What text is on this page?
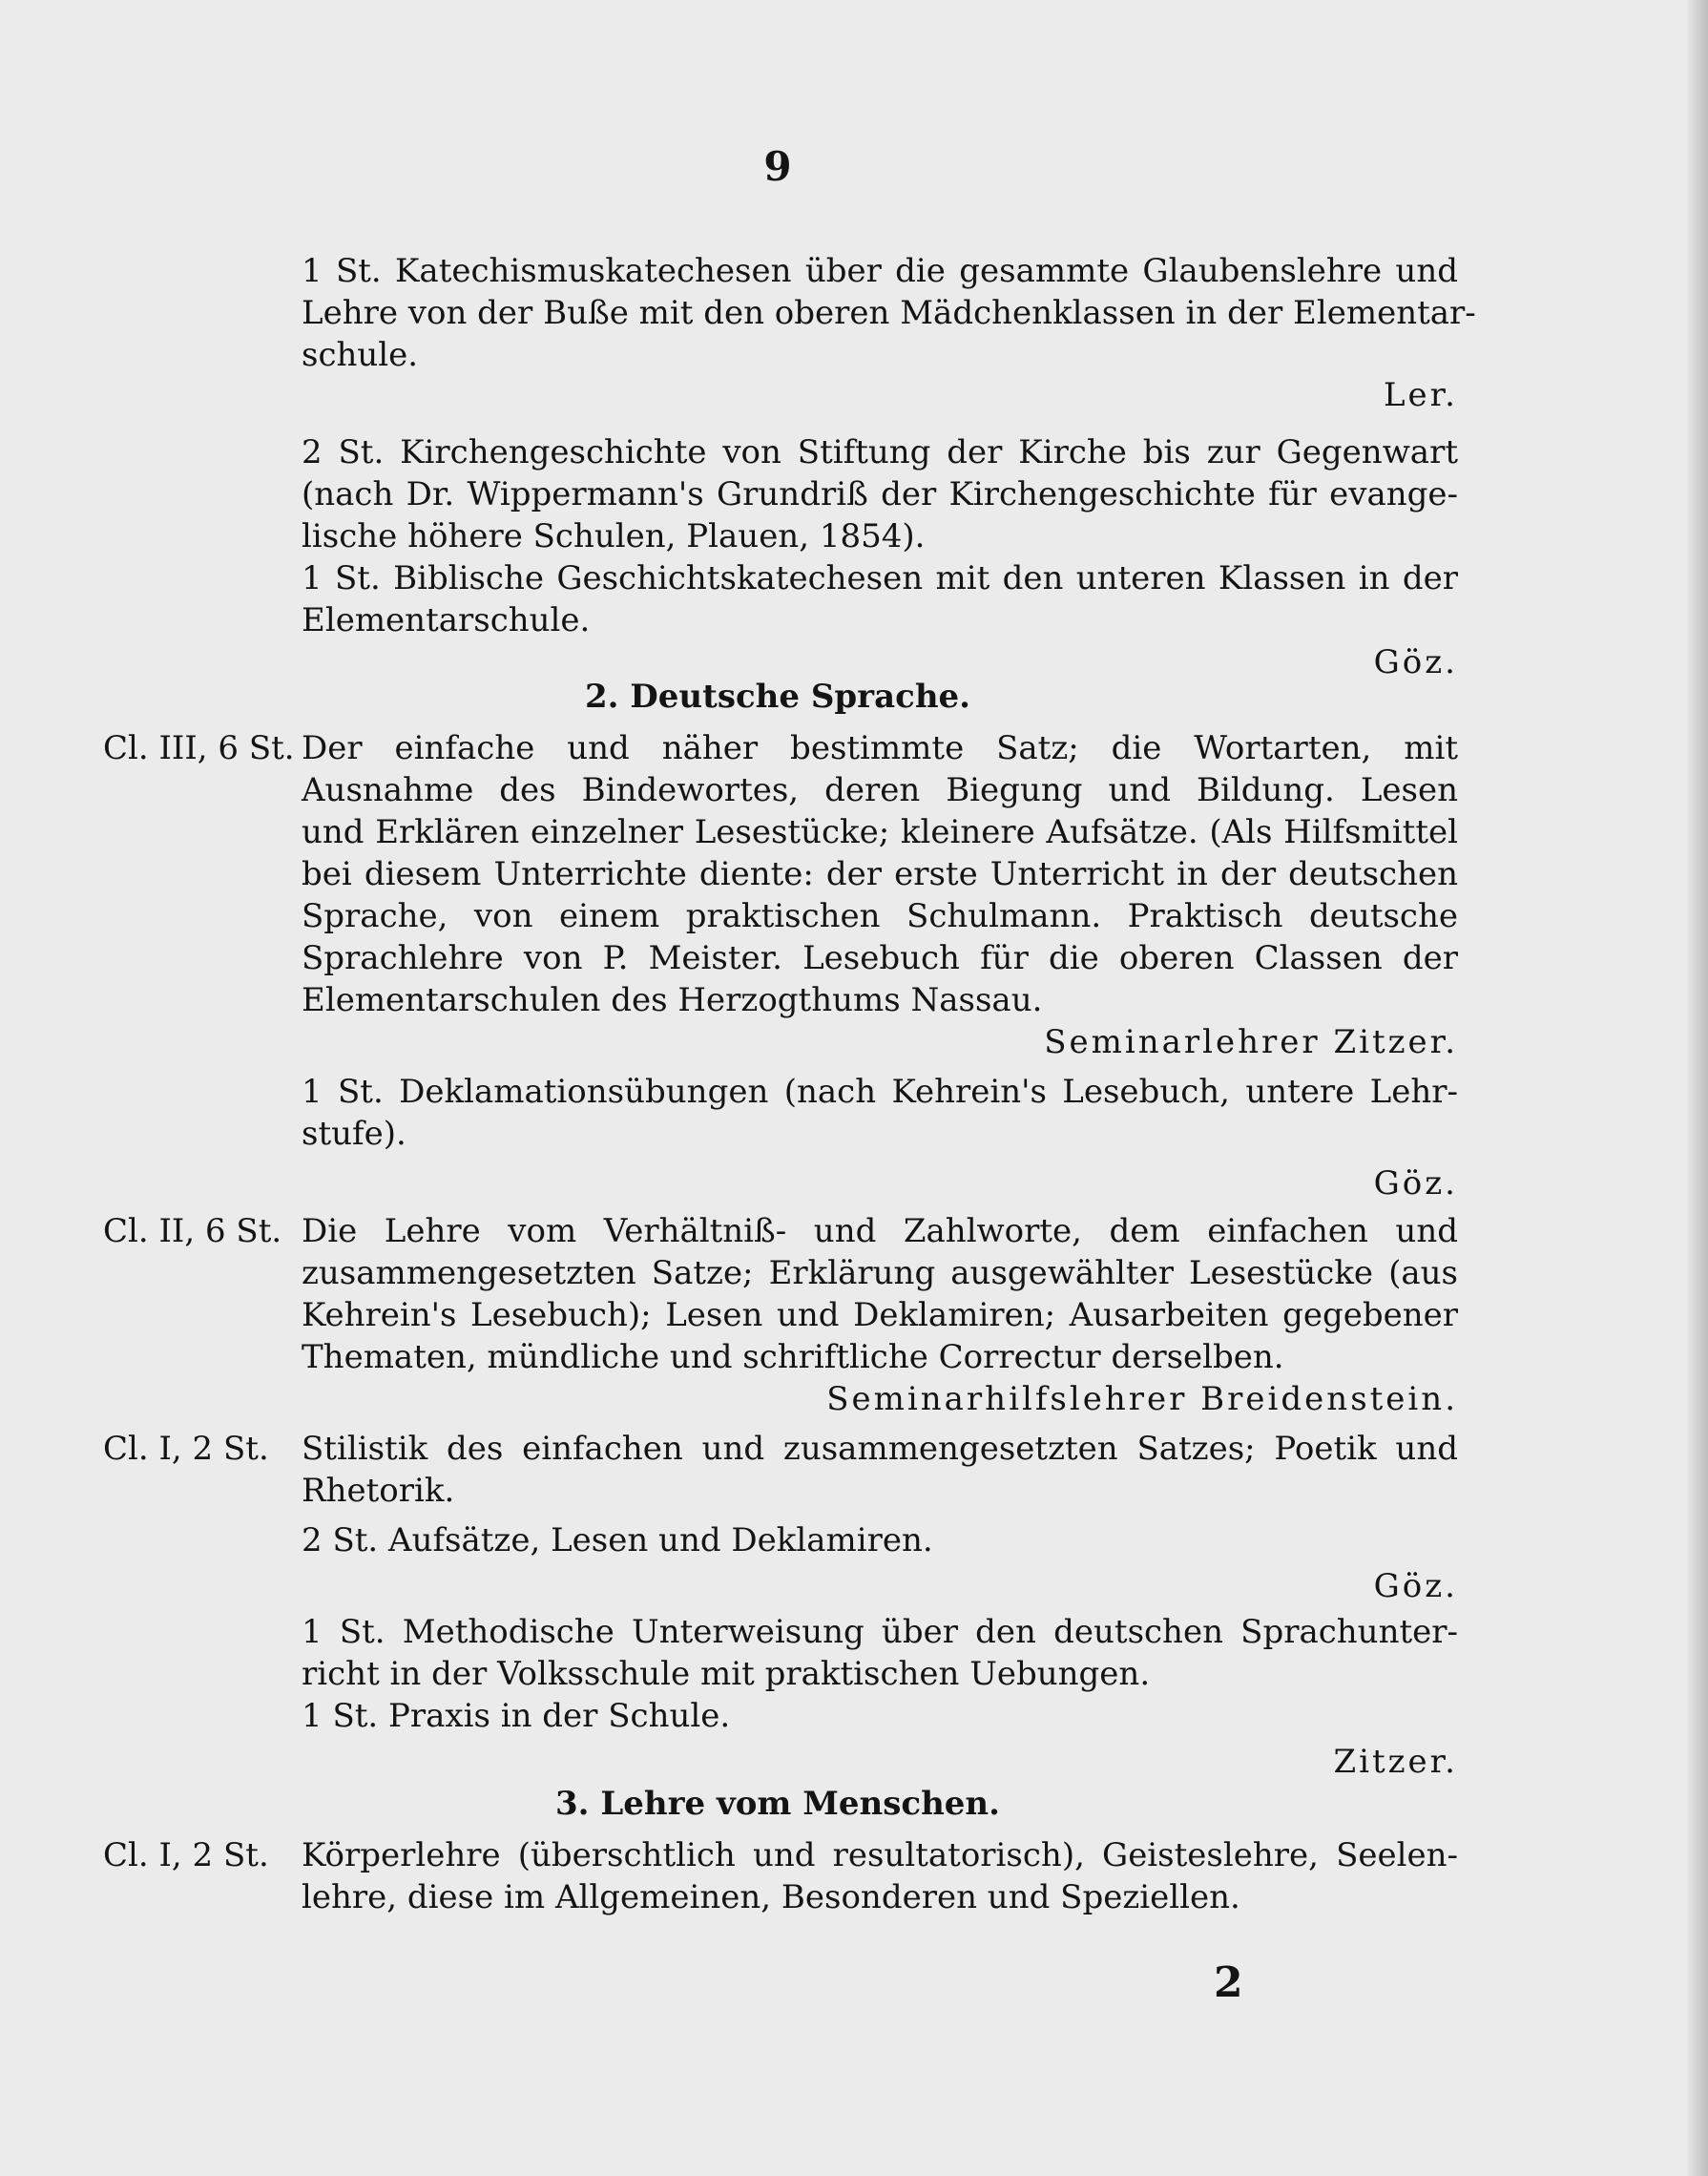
9
1 St. Katechismuskatechesen über die gesammte Glaubenslehre und
Lehre von der Buße mit den oberen Mädchenklassen in der Elementar-
schule.
Ler.
2 St. Kirchengeschichte von Stiftung der Kirche bis zur Gegenwart
(nach Dr. Wippermann's Grundriß der Kirchengeschichte für evange-
lische höhere Schulen, Plauen, 1854).
1 St. Biblische Geschichtskatechesen mit den unteren Klassen in der
Elementarschule.
Göz.
Cl. III, 6 St. Der einfache und näher bestimmte Satz; die Wortarten, mit
Ausnahme des Bindewortes, deren Biegung und Bildung. Lesen
und Erklären einzelner Lesestücke; kleinere Aufsätze. (Als Hilfsmittel
bei diesem Unterrichte diente: der erste Unterricht in der deutschen
Sprache, von einem praktischen Schulmann. Praktisch deutsche
Sprachlehre von P. Meister. Lesebuch für die oberen Classen der
Elementarschulen des Herzogthums Nassau.
Seminarlehrer Zitzer.
1 St. Deklamationsübungen (nach Kehrein's Lesebuch, untere Lehr-
stufe).
Göz.
Cl. II, 6 St. Die Lehre vom Verhältniß- und Zahlworte, dem einfachen und
zusammengesetzten Satze; Erklärung ausgewählter Lesestücke (aus
Kehrein's Lesebuch); Lesen und Deklamiren; Ausarbeiten gegebener
Thematen, mündliche und schriftliche Correctur derselben.
Seminarhilfslehrer Breidenstein.
Cl. I, 2 St. Stilistik des einfachen und zusammengesetzten Satzes; Poetik und
Rhetorik.
2 St. Aufsätze, Lesen und Deklamiren.
Göz.
1 St. Methodische Unterweisung über den deutschen Sprachunter-
richt in der Volksschule mit praktischen Uebungen.
1 St. Praxis in der Schule.
Zitzer.
Cl. I, 2 St. Körperlehre (überschtlich und resultatorisch), Geisteslehre, Seelen-
lehre, diese im Allgemeinen, Besonderen und Speziellen.
2. Deutsche Sprache.
3. Lehre vom Menschen.
2
